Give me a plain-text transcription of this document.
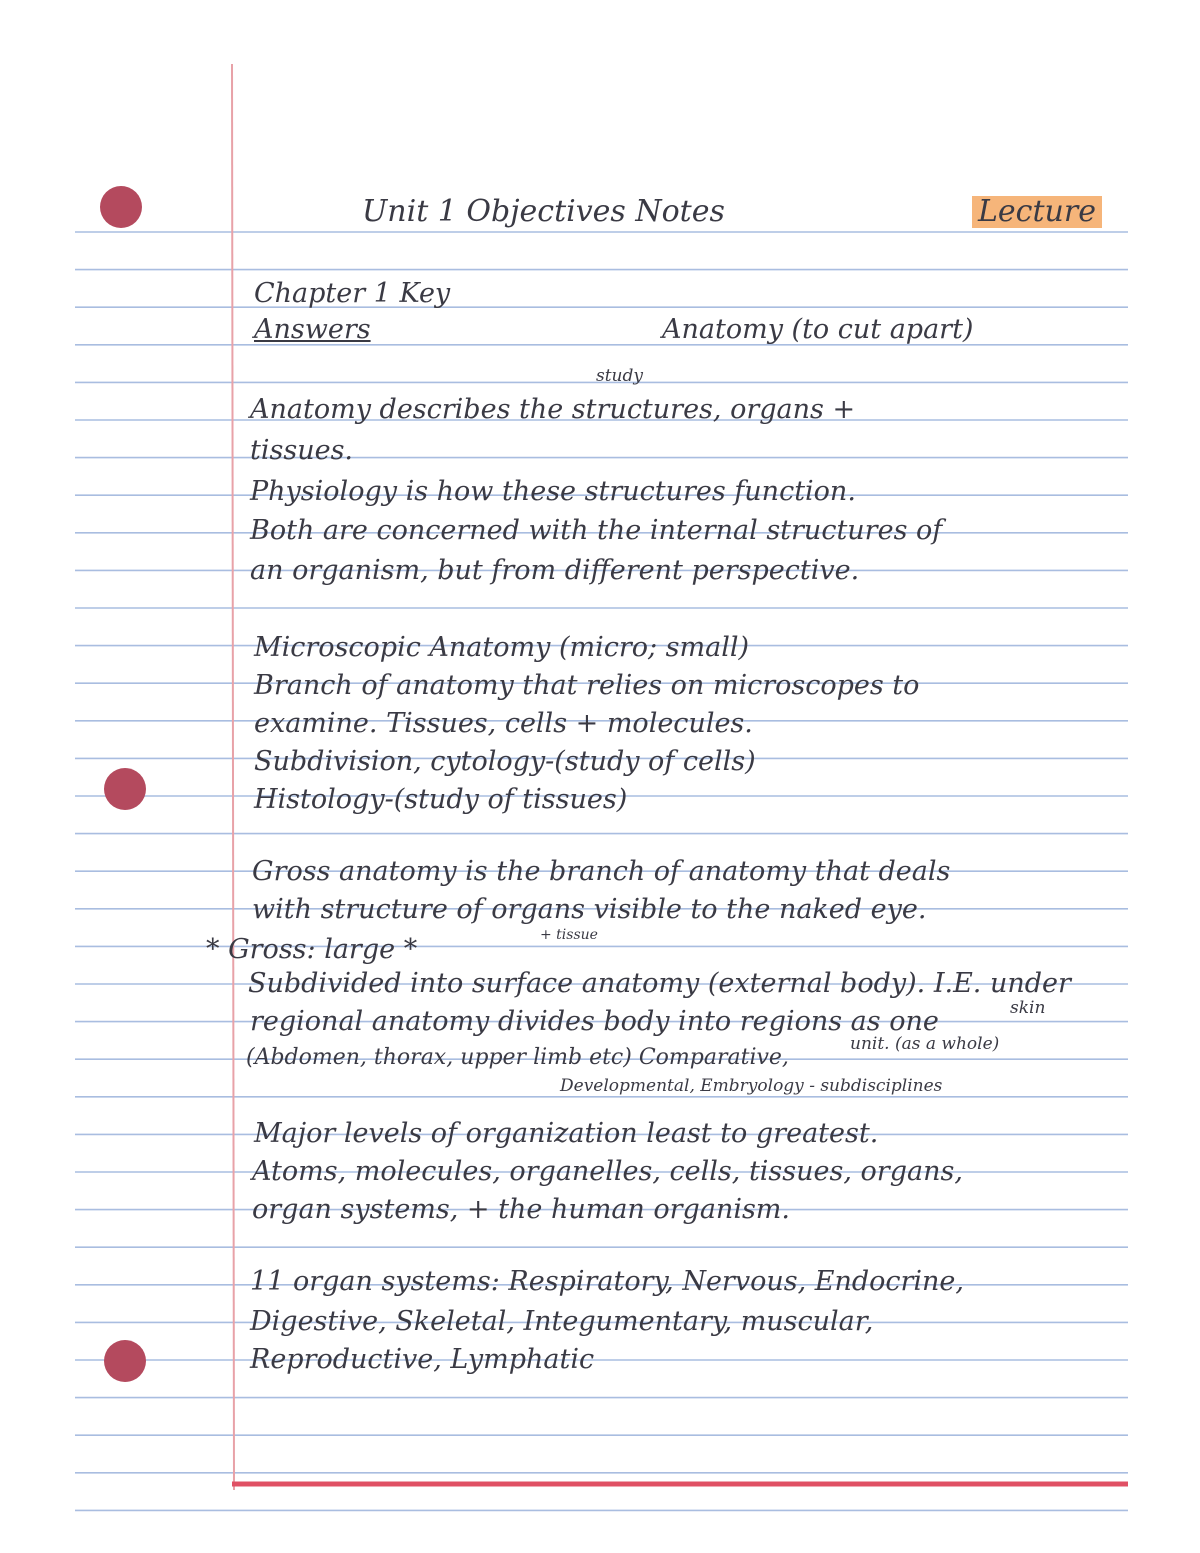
Unit 1 Objectives Notes	Lecture
Chapter 1 Key
Answers	Anatomy (to cut apart)
study
Anatomy describes the structures, organs +
tissues.
Physiology is how these structures function.
Both are concerned with the internal structures of
an organism, but from different perspective.
Microscopic Anatomy (micro; small)
Branch of anatomy that relies on microscopes to
examine. Tissues, cells + molecules.
Subdivision, cytology-(study of cells)
Histology-(study of tissues)
Gross anatomy is the branch of anatomy that deals
with structure of organs visible to the naked eye.
+ tissue
* Gross: large *
Subdivided into surface anatomy (external body). I.E. under
skin
regional anatomy divides body into regions as one
unit. (as a whole)
(Abdomen, thorax, upper limb etc) Comparative,
Developmental, Embryology - subdisciplines
Major levels of organization least to greatest.
Atoms, molecules, organelles, cells, tissues, organs,
organ systems, + the human organism.
11 organ systems: Respiratory, Nervous, Endocrine,
Digestive, Skeletal, Integumentary, muscular,
Reproductive, Lymphatic
